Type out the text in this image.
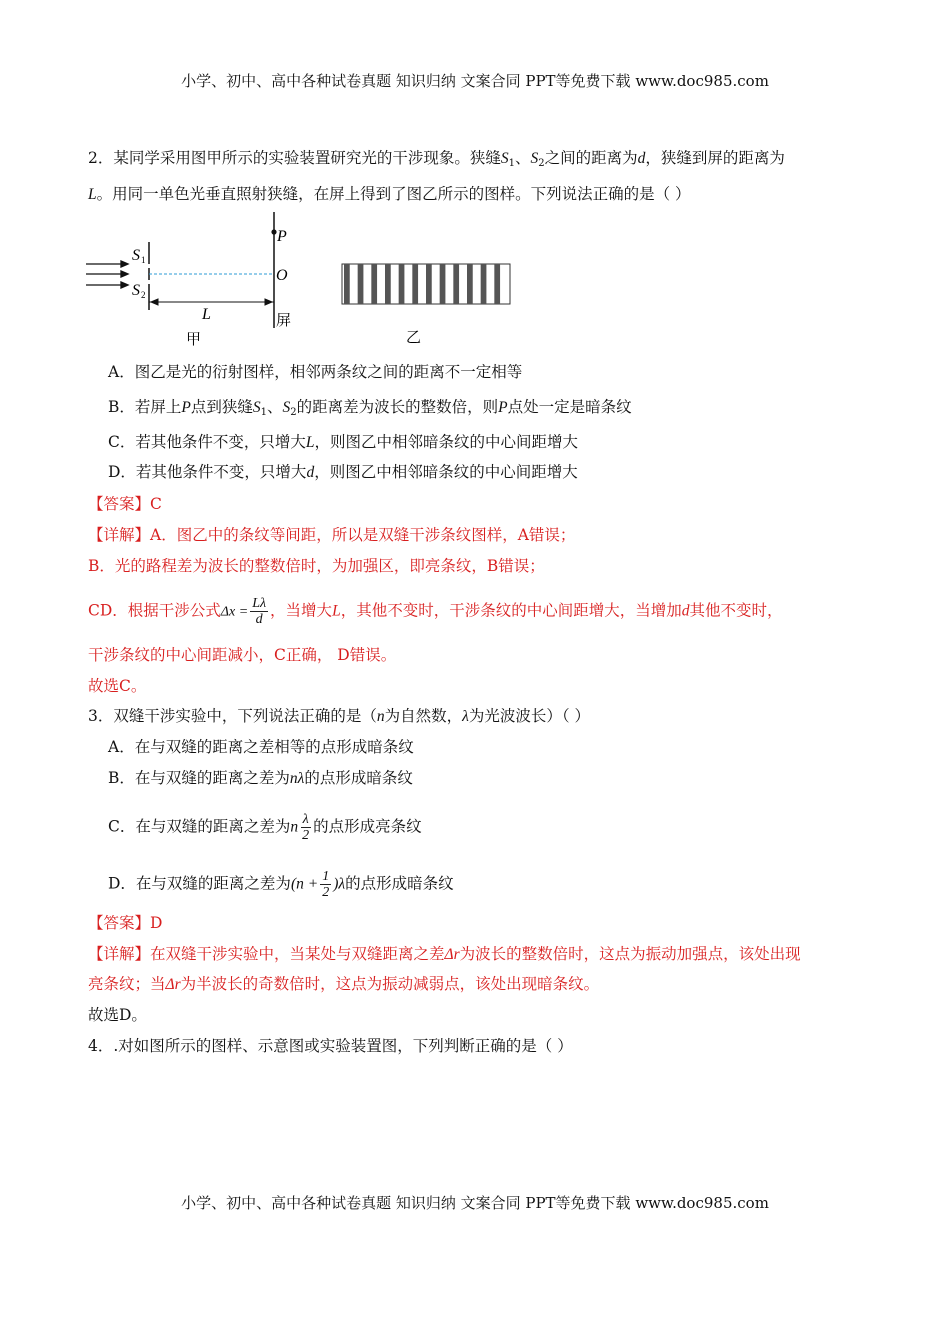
小学、初中、高中各种试卷真题 知识归纳 文案合同 PPT等免费下载 www.doc985.com
2．某同学采用图甲所示的实验装置研究光的干涉现象。狭缝$S_1$、$S_2$之间的距离为d，狭缝到屏的距离为
L。用同一单色光垂直照射狭缝，在屏上得到了图乙所示的图样。下列说法正确的是（ ）
P
O
S 1
S 2
L	屏
甲	乙
A．图乙是光的衍射图样，相邻两条纹之间的距离不一定相等
B．若屏上P点到狭缝$S_1$、$S_2$的距离差为波长的整数倍，则P点处一定是暗条纹
C．若其他条件不变，只增大L，则图乙中相邻暗条纹的中心间距增大
D．若其他条件不变，只增大d，则图乙中相邻暗条纹的中心间距增大
【答案】C
【详解】A．图乙中的条纹等间距，所以是双缝干涉条纹图样，A错误；
B．光的路程差为波长的整数倍时，为加强区，即亮条纹，B错误；
CD．根据干涉公式$\Delta x = \frac{L\lambda}{d}$ ，当增大L，其他不变时，干涉条纹的中心间距增大，当增加d其他不变时，
干涉条纹的中心间距减小，C正确， D错误。
故选C。
3．双缝干涉实验中，下列说法正确的是（n为自然数，λ为光波波长）（ ）
A．在与双缝的距离之差相等的点形成暗条纹
B．在与双缝的距离之差为nλ的点形成暗条纹
C．在与双缝的距离之差为n $\frac{\lambda}{2}$ 的点形成亮条纹
D．在与双缝的距离之差为$(n + \frac{1}{2} )\lambda$的点形成暗条纹
【答案】D
【详解】在双缝干涉实验中，当某处与双缝距离之差Δr为波长的整数倍时，这点为振动加强点，该处出现
亮条纹；当Δr为半波长的奇数倍时，这点为振动减弱点，该处出现暗条纹。
故选D。
4．.对如图所示的图样、示意图或实验装置图，下列判断正确的是（ ）
小学、初中、高中各种试卷真题 知识归纳 文案合同 PPT等免费下载 www.doc985.com
